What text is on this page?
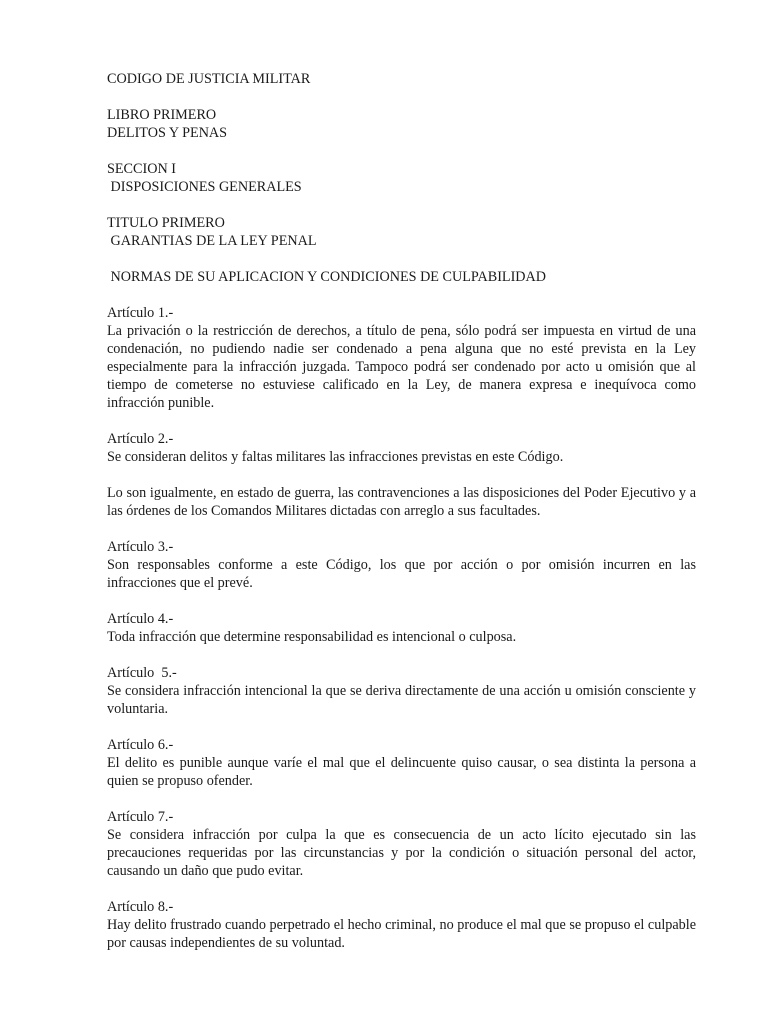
CODIGO DE JUSTICIA MILITAR
LIBRO PRIMERO
DELITOS Y PENAS
SECCION I
DISPOSICIONES GENERALES
TITULO PRIMERO
GARANTIAS DE LA LEY PENAL
NORMAS DE SU APLICACION Y CONDICIONES DE CULPABILIDAD
Artículo 1.-

La privación o la restricción de derechos, a título de pena, sólo podrá ser impuesta en virtud de una condenación, no pudiendo nadie ser condenado a pena alguna que no esté prevista en la Ley especialmente para la infracción juzgada. Tampoco podrá ser condenado por acto u omisión que al tiempo de cometerse no estuviese calificado en la Ley, de manera expresa e inequívoca como infracción punible.

Artículo 2.-

Se consideran delitos y faltas militares las infracciones previstas en este Código.

Lo son igualmente, en estado de guerra, las contravenciones a las disposiciones del Poder Ejecutivo y a las órdenes de los Comandos Militares dictadas con arreglo a sus facultades.

Artículo 3.-

Son responsables conforme a este Código, los que por acción o por omisión incurren en las infracciones que el prevé.

Artículo 4.-

Toda infracción que determine responsabilidad es intencional o culposa.

Artículo  5.-

Se considera infracción intencional la que se deriva directamente de una acción u omisión consciente y voluntaria.

Artículo 6.-

El delito es punible aunque varíe el mal que el delincuente quiso causar, o sea distinta la persona a quien se propuso ofender.

Artículo 7.-

Se considera infracción por culpa la que es consecuencia de un acto lícito ejecutado sin las precauciones requeridas por las circunstancias y por la condición o situación personal del actor, causando un daño que pudo evitar.

Artículo 8.-

Hay delito frustrado cuando perpetrado el hecho criminal, no produce el mal que se propuso el culpable por causas independientes de su voluntad.
